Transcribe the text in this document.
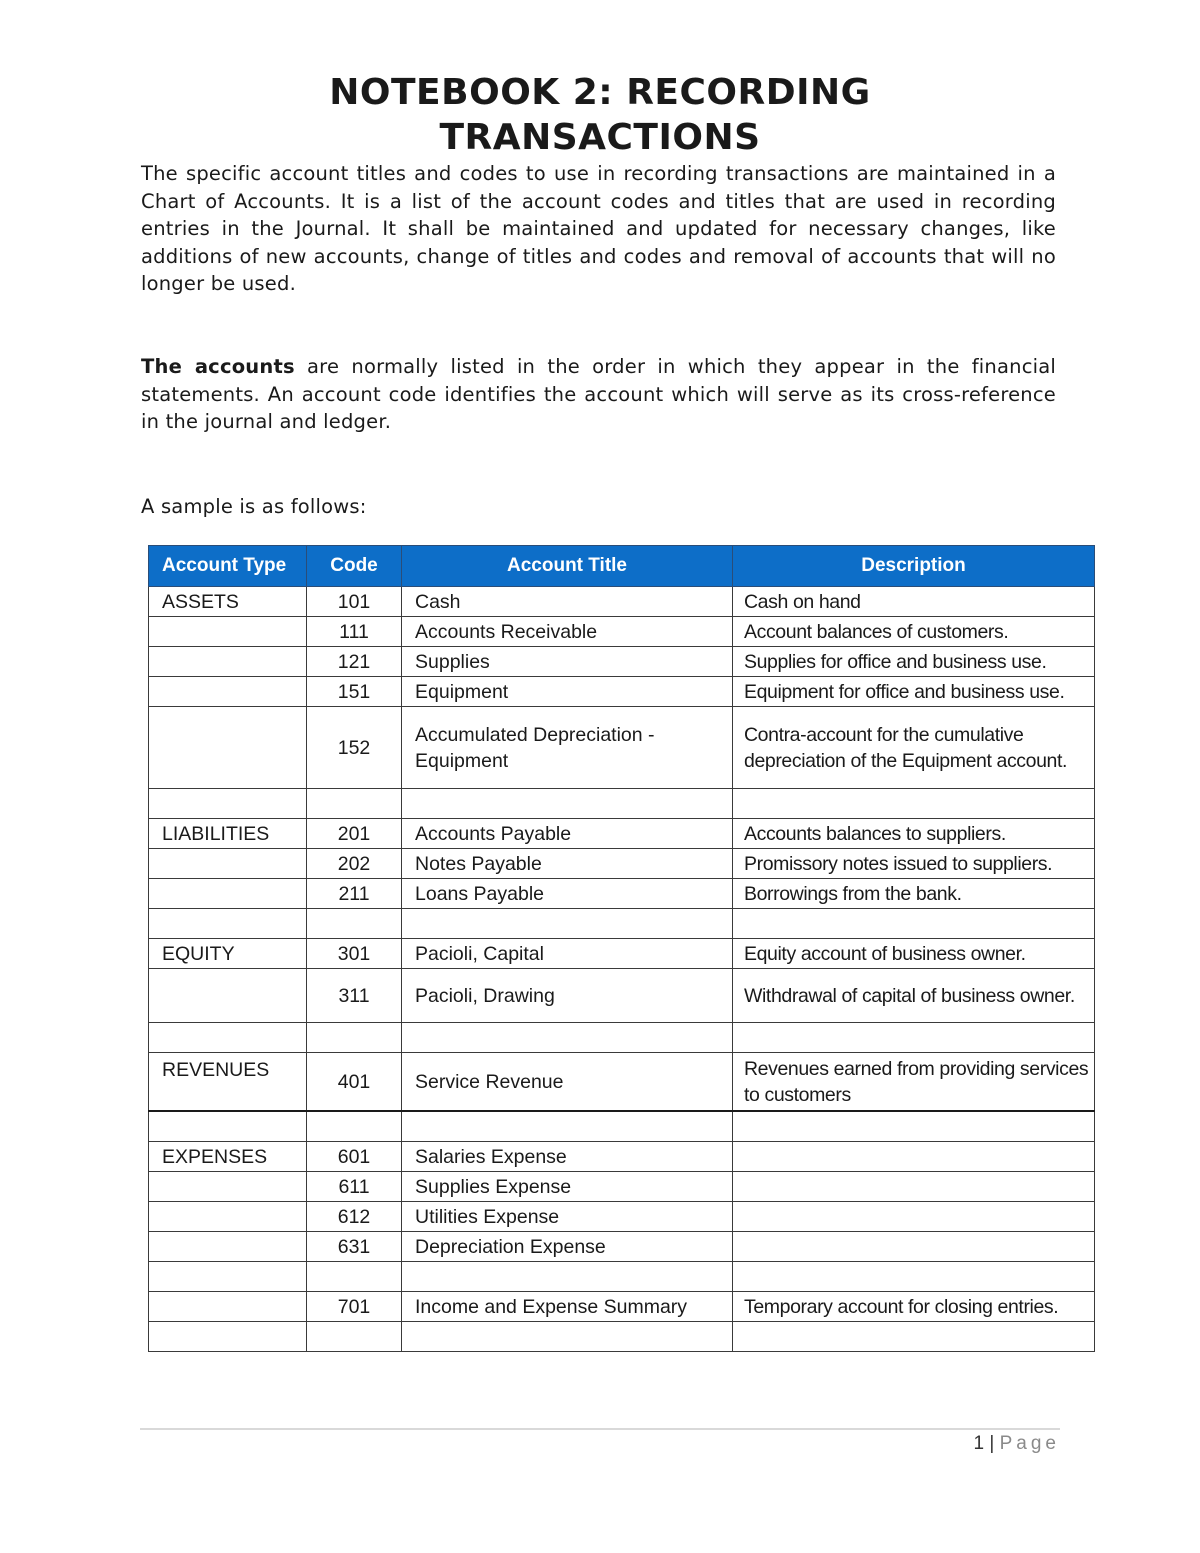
NOTEBOOK 2: RECORDING
TRANSACTIONS
The specific account titles and codes to use in recording transactions are maintained in a Chart of Accounts. It is a list of the account codes and titles that are used in recording entries in the Journal. It shall be maintained and updated for necessary changes, like additions of new accounts, change of titles and codes and removal of accounts that will no longer be used.
The accounts are normally listed in the order in which they appear in the financial statements. An account code identifies the account which will serve as its cross-reference in the journal and ledger.
A sample is as follows:
Account Type	Code	Account Title	Description
ASSETS	101	Cash	Cash on hand
	111	Accounts Receivable	Account balances of customers.
	121	Supplies	Supplies for office and business use.
	151	Equipment	Equipment for office and business use.
	152	Accumulated Depreciation - Equipment	Contra-account for the cumulative depreciation of the Equipment account.

LIABILITIES	201	Accounts Payable	Accounts balances to suppliers.
	202	Notes Payable	Promissory notes issued to suppliers.
	211	Loans Payable	Borrowings from the bank.

EQUITY	301	Pacioli, Capital	Equity account of business owner.
	311	Pacioli, Drawing	Withdrawal of capital of business owner.

REVENUES	401	Service Revenue	Revenues earned from providing services to customers

EXPENSES	601	Salaries Expense	
	611	Supplies Expense	
	612	Utilities Expense	
	631	Depreciation Expense	

	701	Income and Expense Summary	Temporary account for closing entries.

1 | Page
